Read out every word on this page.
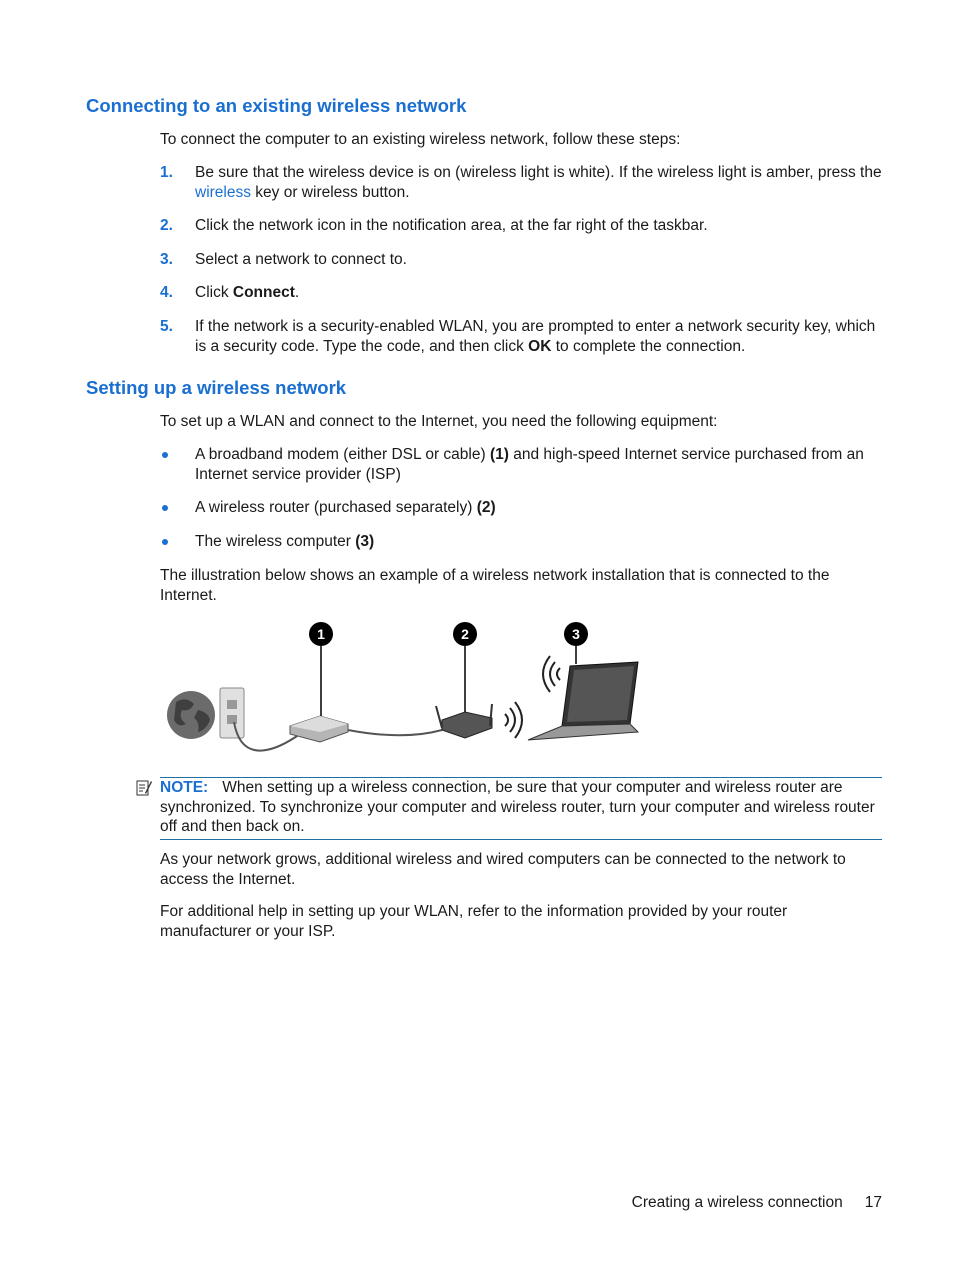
Connecting to an existing wireless network

To connect the computer to an existing wireless network, follow these steps:

1. Be sure that the wireless device is on (wireless light is white). If the wireless light is amber, press the wireless key or wireless button.
2. Click the network icon in the notification area, at the far right of the taskbar.
3. Select a network to connect to.
4. Click Connect.
5. If the network is a security-enabled WLAN, you are prompted to enter a network security key, which is a security code. Type the code, and then click OK to complete the connection.
Setting up a wireless network

To set up a WLAN and connect to the Internet, you need the following equipment:

A broadband modem (either DSL or cable) (1) and high-speed Internet service purchased from an Internet service provider (ISP)
A wireless router (purchased separately) (2)
The wireless computer (3)

The illustration below shows an example of a wireless network installation that is connected to the Internet.

1	2	3
NOTE: When setting up a wireless connection, be sure that your computer and wireless router are synchronized. To synchronize your computer and wireless router, turn your computer and wireless router off and then back on.

As your network grows, additional wireless and wired computers can be connected to the network to access the Internet.

For additional help in setting up your WLAN, refer to the information provided by your router manufacturer or your ISP.

Creating a wireless connection 17
